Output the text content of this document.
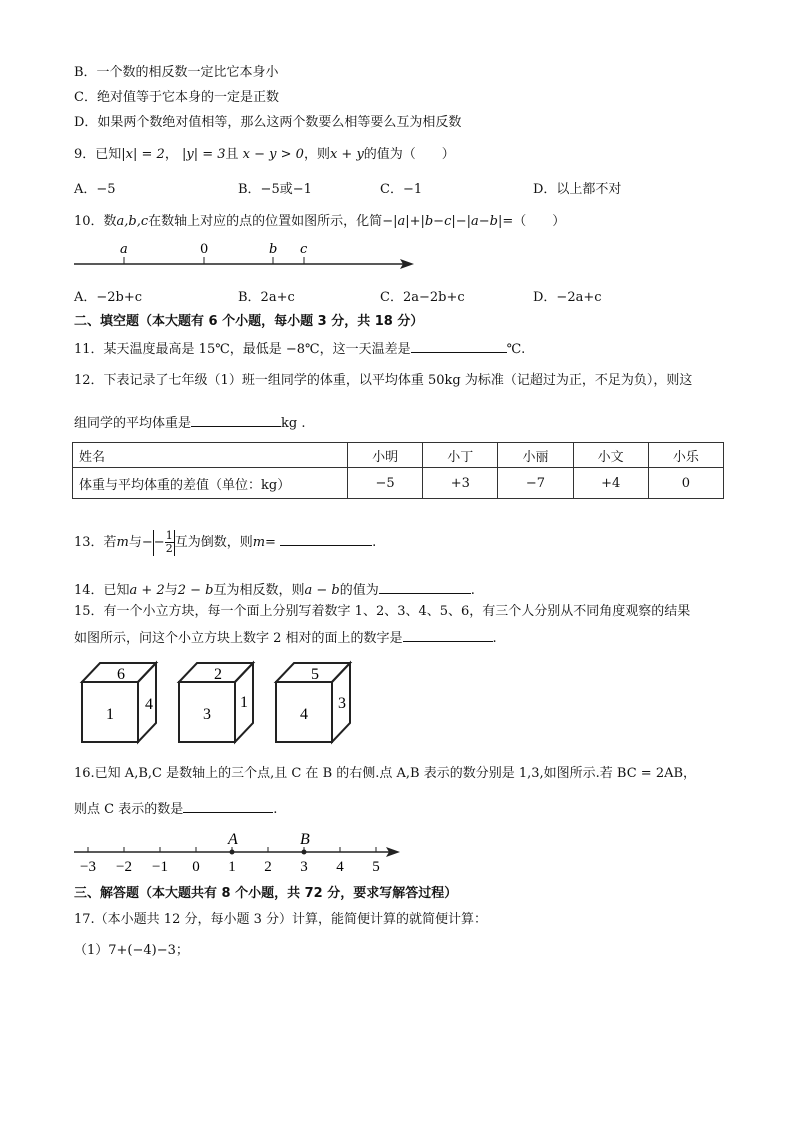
B．一个数的相反数一定比它本身小
C．绝对值等于它本身的一定是正数
D．如果两个数绝对值相等，那么这两个数要么相等要么互为相反数
9．已知|x| = 2， |y| = 3且 x − y > 0，则x + y的值为（　　）
A．−5	B．−5或−1	C．−1	D．以上都不对
10．数a,b,c在数轴上对应的点的位置如图所示，化简−|a|+|b−c|−|a−b|=（　　）
a	0	b c
A．−2b+c	B．2a+c	C．2a−2b+c	D．−2a+c
二、填空题（本大题有 6 个小题，每小题 3 分，共 18 分）
11．某天温度最高是 15℃，最低是 −8℃，这一天温差是	℃.
12．下表记录了七年级（1）班一组同学的体重，以平均体重 50kg 为标准（记超过为正，不足为负），则这
组同学的平均体重是	kg .
姓名	小明	小丁	小丽	小文	小乐
体重与平均体重的差值（单位：kg）	−5	+3	−7	+4	0
13．若m与−− $\frac{1}{2}$ 互为倒数，则m=	.
14．已知a + 2与2 − b互为相反数，则a − b的值为	.
15．有一个小立方块，每一个面上分别写着数字 1、2、3、4、5、6，有三个人分别从不同角度观察的结果
如图所示，问这个小立方块上数字 2 相对的面上的数字是	.
6
1
4
2
3
1
5
4
3
16.已知 A,B,C 是数轴上的三个点,且 C 在 B 的右侧.点 A,B 表示的数分别是 1,3,如图所示.若 BC = 2AB，
则点 C 表示的数是	.
−3 −2 −1 0 1 2 3 4 5
A	B
三、解答题（本大题共有 8 个小题，共 72 分，要求写解答过程）
17.（本小题共 12 分，每小题 3 分）计算，能简便计算的就简便计算：
（1）7+(−4)−3；
